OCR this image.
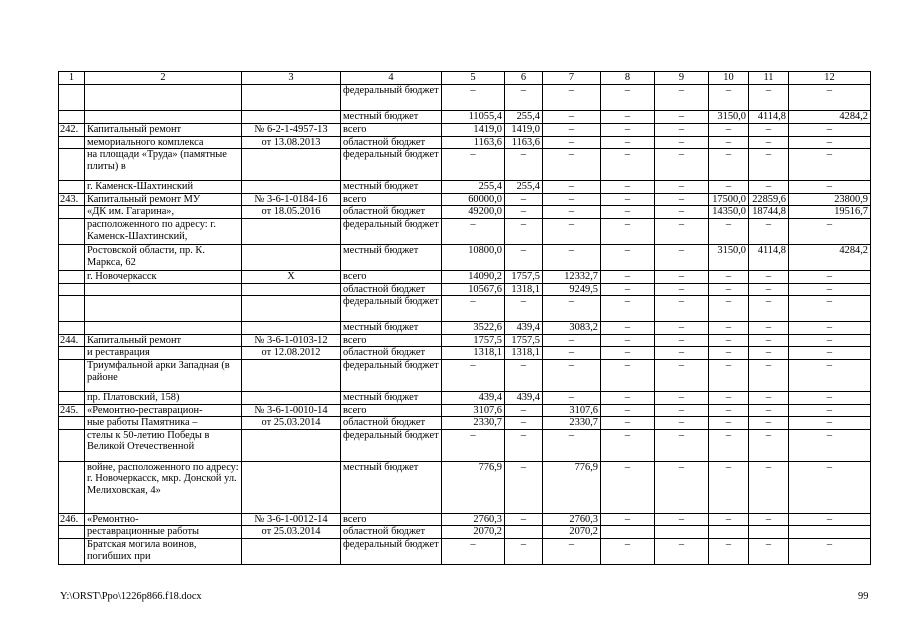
1	2	3	4	5	6	7	8	9	10	11	12
			федеральный бюджет	–	–	–	–	–	–	–	–
			местный бюджет	11055,4	255,4	–	–	–	3150,0	4114,8	4284,2
242.	Капитальный ремонт	№ 6-2-1-4957-13	всего	1419,0	1419,0	–	–	–	–	–	–
	мемориального комплекса	от 13.08.2013	областной бюджет	1163,6	1163,6	–	–	–	–	–	–
	на площади «Труда» (памятные плиты) в		федеральный бюджет	–	–	–	–	–	–	–	–
	г. Каменск-Шахтинский		местный бюджет	255,4	255,4	–	–	–	–	–	–
243.	Капитальный ремонт МУ	№ 3-6-1-0184-16	всего	60000,0	–	–	–	–	17500,0	22859,6	23800,9
	«ДК им. Гагарина»,	от 18.05.2016	областной бюджет	49200,0	–	–	–	–	14350,0	18744,8	19516,7
	расположенного по адресу: г. Каменск-Шахтинский,		федеральный бюджет	–	–	–	–	–	–	–	–
	Ростовской области, пр. К. Маркса, 62		местный бюджет	10800,0	–	–	–	–	3150,0	4114,8	4284,2
	г. Новочеркасск	Х	всего	14090,2	1757,5	12332,7	–	–	–	–	–
			областной бюджет	10567,6	1318,1	9249,5	–	–	–	–	–
			федеральный бюджет	–	–	–	–	–	–	–	–
			местный бюджет	3522,6	439,4	3083,2	–	–	–	–	–
244.	Капитальный ремонт	№ 3-6-1-0103-12	всего	1757,5	1757,5	–	–	–	–	–	–
	и реставрация	от 12.08.2012	областной бюджет	1318,1	1318,1	–	–	–	–	–	–
	Триумфальной арки Западная (в районе		федеральный бюджет	–	–	–	–	–	–	–	–
	пр. Платовский, 158)		местный бюджет	439,4	439,4	–	–	–	–	–	–
245.	«Ремонтно-реставрацион-	№ 3-6-1-0010-14	всего	3107,6	–	3107,6	–	–	–	–	–
	ные работы Памятника –	от 25.03.2014	областной бюджет	2330,7	–	2330,7	–	–	–	–	–
	стелы к 50-летию Победы в Великой Отечественной		федеральный бюджет	–	–	–	–	–	–	–	–
	войне, расположенного по адресу: г. Новочеркасск, мкр. Донской ул. Мелиховская, 4»		местный бюджет	776,9	–	776,9	–	–	–	–	–
246.	«Ремонтно-	№ 3-6-1-0012-14	всего	2760,3	–	2760,3	–	–	–	–	–
	реставрационные работы	от 25.03.2014	областной бюджет	2070,2		2070,2					
	Братская могила воинов, погибших при		федеральный бюджет	–	–	–	–	–	–	–	–
Y:\ORST\Ppo\1226p866.f18.docx	99
